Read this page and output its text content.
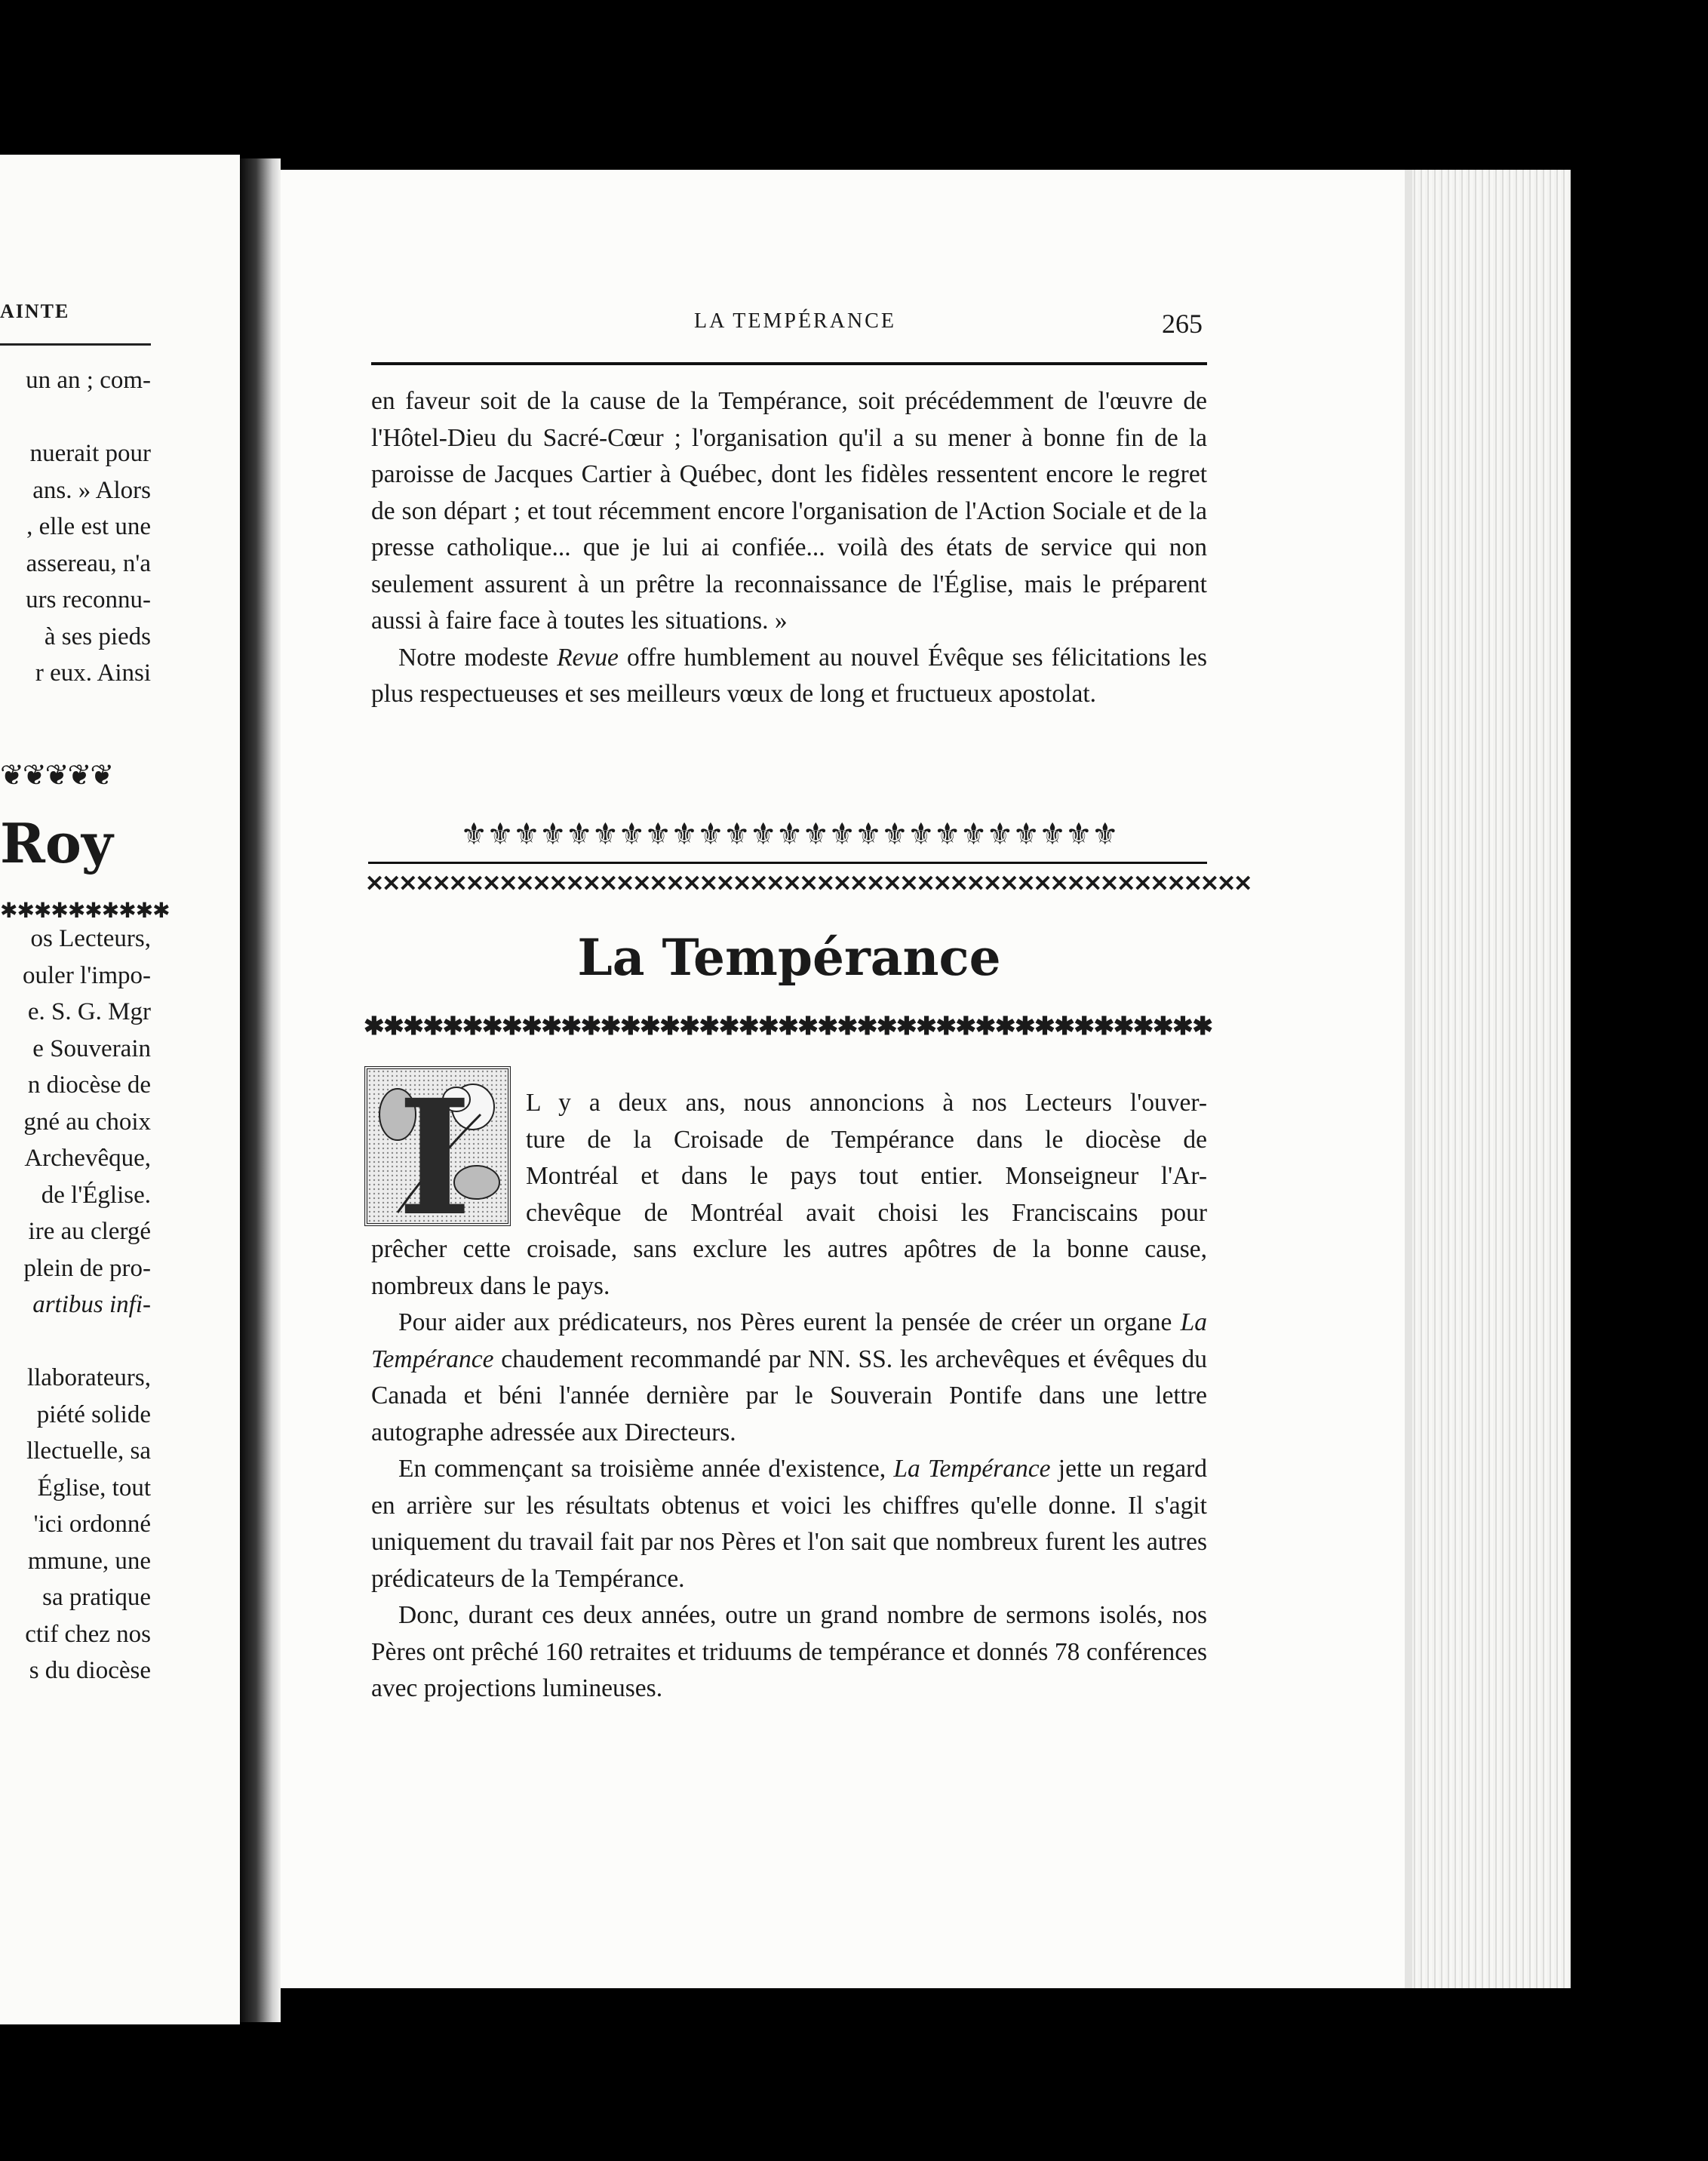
AINTE
un an ; com-
nuerait pour
ans. » Alors
, elle est une
assereau, n'a
urs reconnu-
à ses pieds
r eux. Ainsi
❦❦❦❦❦
Roy
✱✱✱✱✱✱✱✱✱✱
os Lecteurs,
ouler l'impo-
e. S. G. Mgr
e Souverain
n diocèse de
gné au choix
Archevêque,
de l'Église.
ire au clergé
plein de pro-
artibus infi-
llaborateurs,
piété solide
llectuelle, sa
Église, tout
'ici ordonné
mmune, une
sa pratique
ctif chez nos
s du diocèse
LA TEMPÉRANCE	265

en faveur soit de la cause de la Tempérance, soit précédemment de l'œuvre de l'Hôtel-Dieu du Sacré-Cœur ; l'organisation qu'il a su mener à bonne fin de la paroisse de Jacques Cartier à Québec, dont les fidèles ressentent encore le regret de son départ ; et tout récemment encore l'organisation de l'Action Sociale et de la presse catholique... que je lui ai confiée... voilà des états de service qui non seulement assurent à un prêtre la reconnaissance de l'Église, mais le préparent aussi à faire face à toutes les situations. »

Notre modeste Revue offre humblement au nouvel Évêque ses félicitations les plus respectueuses et ses meilleurs vœux de long et fructueux apostolat.

⚜⚜⚜⚜⚜⚜⚜⚜⚜⚜⚜⚜⚜⚜⚜⚜⚜⚜⚜⚜⚜⚜⚜⚜⚜
✕✕✕✕✕✕✕✕✕✕✕✕✕✕✕✕✕✕✕✕✕✕✕✕✕✕✕✕✕✕✕✕✕✕✕✕✕✕✕✕✕✕✕✕✕✕✕✕✕✕✕✕✕
La Tempérance
✱✱✱✱✱✱✱✱✱✱✱✱✱✱✱✱✱✱✱✱✱✱✱✱✱✱✱✱✱✱✱✱✱✱✱✱✱✱✱✱✱✱✱
I	L y a deux ans, nous annoncions à nos Lecteurs l'ouver-
ture de la Croisade de Tempérance dans le diocèse de
Montréal et dans le pays tout entier. Monseigneur l'Ar-
chevêque de Montréal avait choisi les Franciscains pour

prêcher cette croisade, sans exclure les autres apôtres de la bonne cause, nombreux dans le pays.

Pour aider aux prédicateurs, nos Pères eurent la pensée de créer un organe La Tempérance chaudement recommandé par NN. SS. les archevêques et évêques du Canada et béni l'année dernière par le Souverain Pontife dans une lettre autographe adressée aux Directeurs.

En commençant sa troisième année d'existence, La Tempérance jette un regard en arrière sur les résultats obtenus et voici les chiffres qu'elle donne. Il s'agit uniquement du travail fait par nos Pères et l'on sait que nombreux furent les autres prédicateurs de la Tempérance.

Donc, durant ces deux années, outre un grand nombre de sermons isolés, nos Pères ont prêché 160 retraites et triduums de tempérance et donnés 78 conférences avec projections lumineuses.
